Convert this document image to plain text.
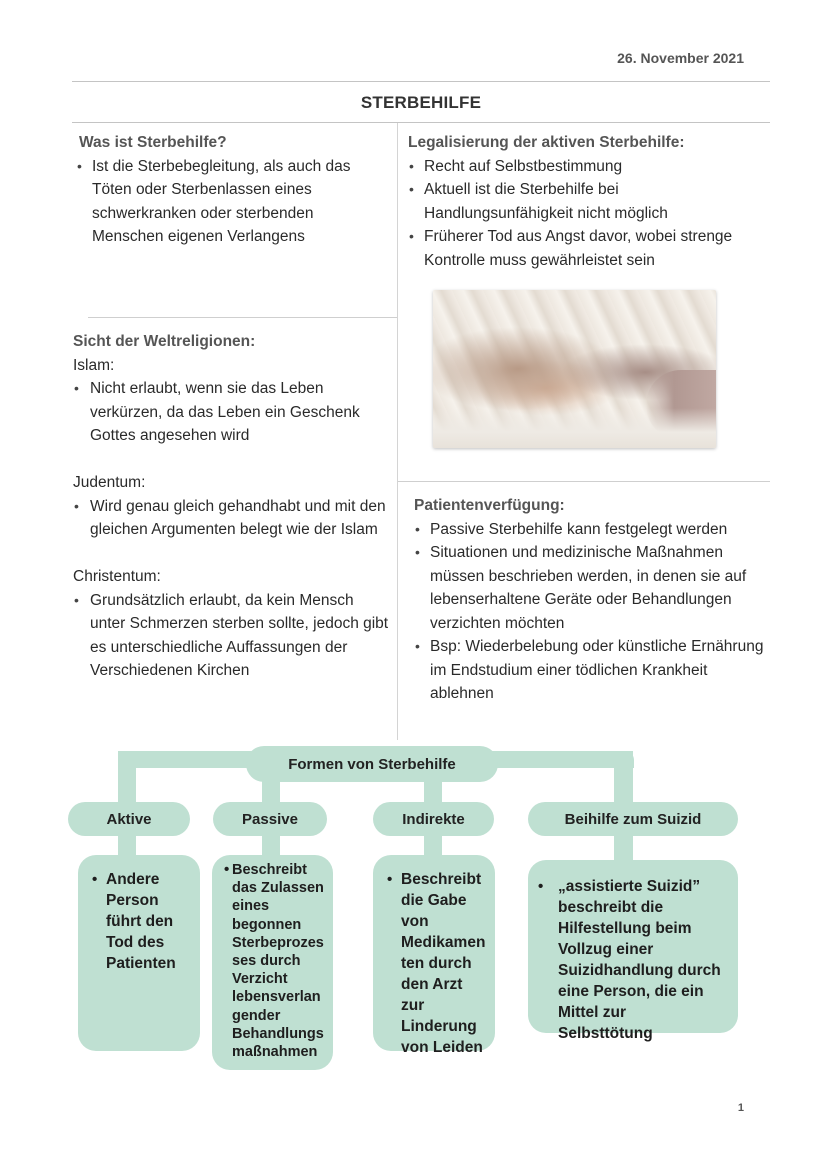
26. November 2021
STERBEHILFE
Was ist Sterbehilfe?
• Ist die Sterbebegleitung, als auch das Töten oder Sterbenlassen eines schwerkranken oder sterbenden Menschen eigenen Verlangens
Legalisierung der aktiven Sterbehilfe:
• Recht auf Selbstbestimmung
• Aktuell ist die Sterbehilfe bei Handlungsunfähigkeit nicht möglich
• Früherer Tod aus Angst davor, wobei strenge Kontrolle muss gewährleistet sein
Sicht der Weltreligionen:
Islam:
• Nicht erlaubt, wenn sie das Leben verkürzen, da das Leben ein Geschenk Gottes angesehen wird
Judentum:
• Wird genau gleich gehandhabt und mit den gleichen Argumenten belegt wie der Islam
Christentum:
• Grundsätzlich erlaubt, da kein Mensch unter Schmerzen sterben sollte, jedoch gibt es unterschiedliche Auffassungen der Verschiedenen Kirchen
Patientenverfügung:
• Passive Sterbehilfe kann festgelegt werden
• Situationen und medizinische Maßnahmen müssen beschrieben werden, in denen sie auf lebenserhaltene Geräte oder Behandlungen verzichten möchten
• Bsp: Wiederbelebung oder künstliche Ernährung im Endstudium einer tödlichen Krankheit ablehnen
Formen von Sterbehilfe
Aktive	Passive	Indirekte	Beihilfe zum Suizid
• Andere Person führt den Tod des Patienten
• Beschreibt das Zulassen eines begonnen Sterbeprozes ses durch Verzicht lebensverlan gender Behandlungs maßnahmen
• Beschreibt die Gabe von Medikamen ten durch den Arzt zur Linderung von Leiden
• „assistierte Suizid” beschreibt die Hilfestellung beim Vollzug einer Suizidhandlung durch eine Person, die ein Mittel zur Selbsttötung
1
